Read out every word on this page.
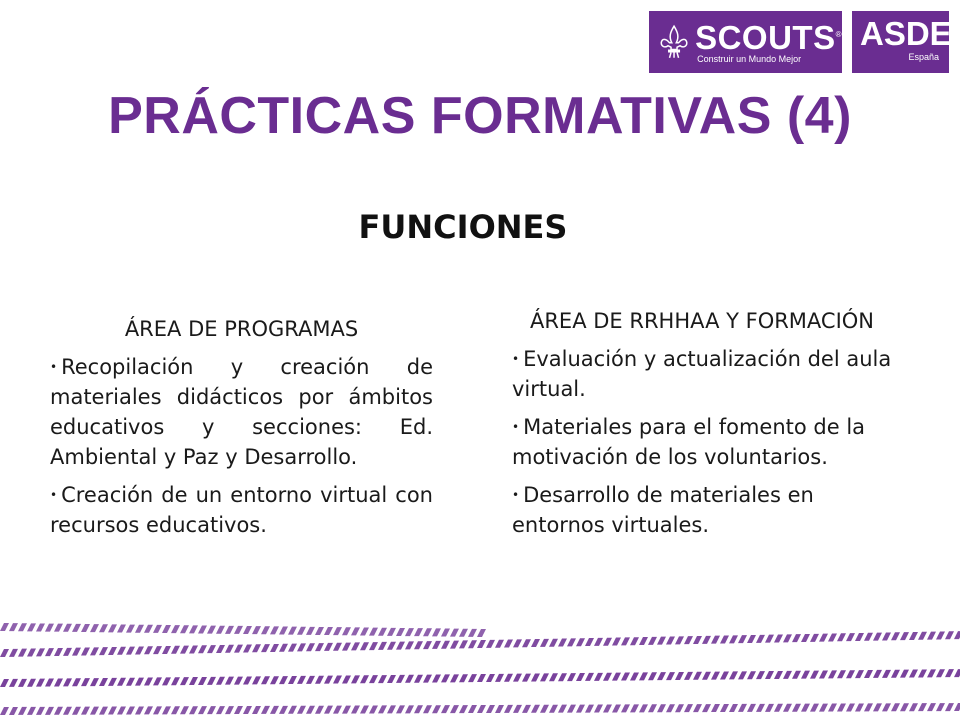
SCOUTS®
Construir un Mundo Mejor
ASDE
España
PRÁCTICAS FORMATIVAS (4)
FUNCIONES

ÁREA DE PROGRAMAS

• Recopilación y creación de materiales didácticos por ámbitos educativos y secciones: Ed. Ambiental y Paz y Desarrollo.
• Creación de un entorno virtual con recursos educativos.

ÁREA DE RRHHAA Y FORMACIÓN

• Evaluación y actualización del aula virtual.
• Materiales para el fomento de la motivación de los voluntarios.
• Desarrollo de materiales en entornos virtuales.
